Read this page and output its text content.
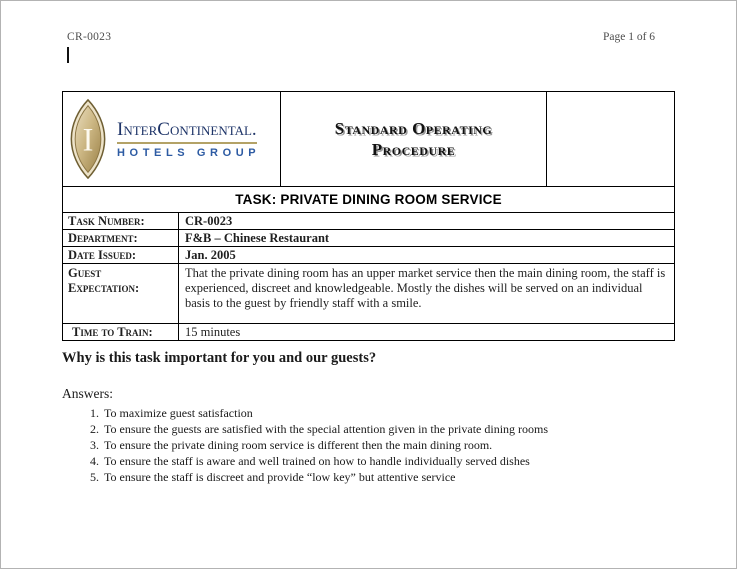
CR-0023	Page 1 of 6
I InterContinental.
HOTELS GROUP
Standard Operating
Procedure
TASK: PRIVATE DINING ROOM SERVICE
Task Number:	CR-0023
Department:	F&B – Chinese Restaurant
Date Issued:	Jan. 2005
Guest Expectation:
That the private dining room has an upper market service then the main dining room, the staff is experienced, discreet and knowledgeable. Mostly the dishes will be served on an individual basis to the guest by friendly staff with a smile.
Time to Train:	15 minutes
Why is this task important for you and our guests?
Answers:
1. To maximize guest satisfaction
2. To ensure the guests are satisfied with the special attention given in the private dining rooms
3. To ensure the private dining room service is different then the main dining room.
4. To ensure the staff is aware and well trained on how to handle individually served dishes
5. To ensure the staff is discreet and provide “low key” but attentive service
